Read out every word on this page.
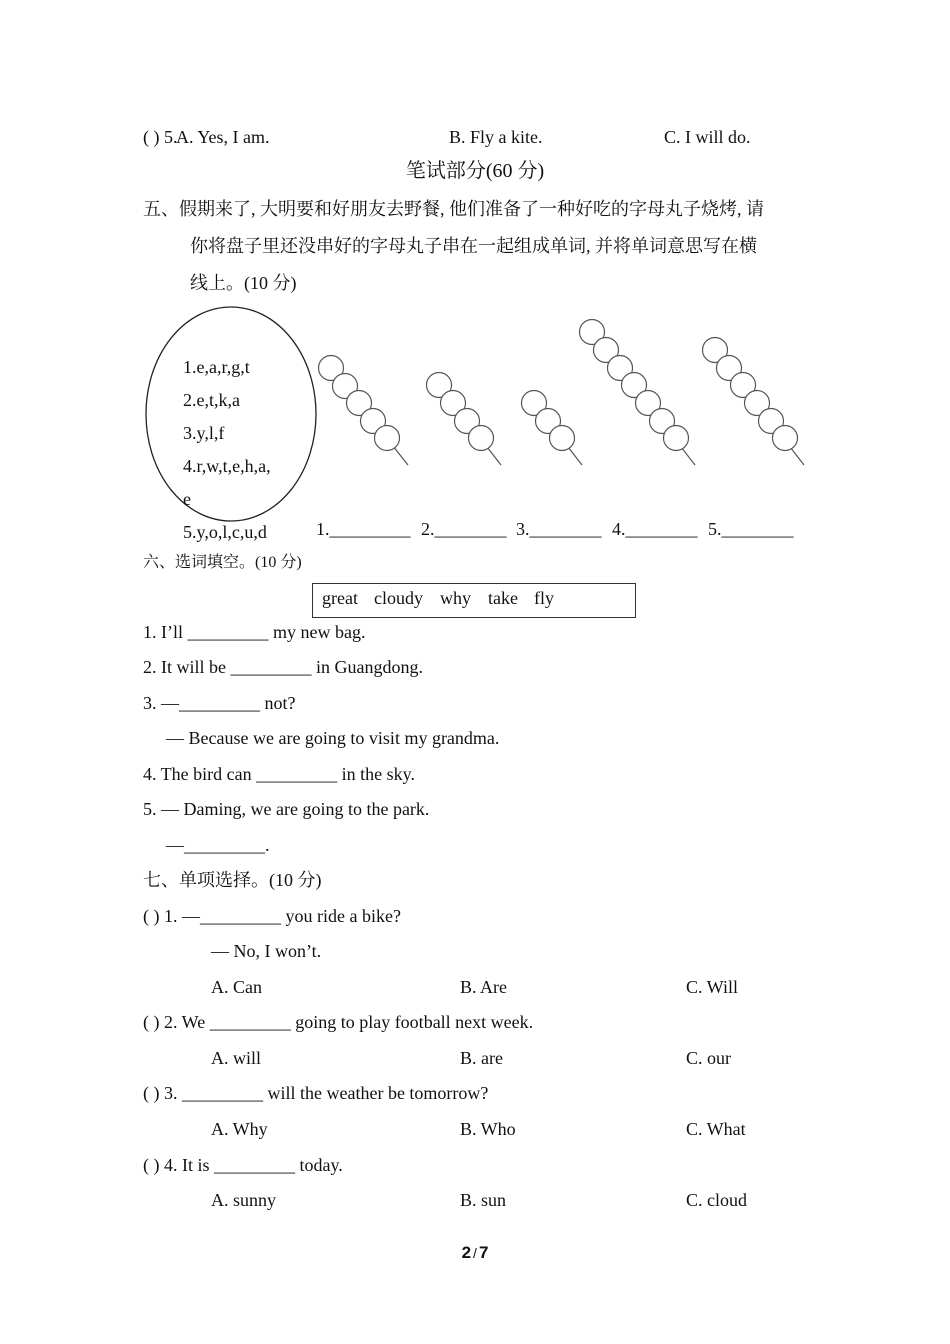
( ) 5.
A. Yes, I am.	B. Fly a kite.	C. I will do.
笔试部分(60 分)
五、假期来了, 大明要和好朋友去野餐, 他们准备了一种好吃的字母丸子烧烤, 请
你将盘子里还没串好的字母丸子串在一起组成单词, 并将单词意思写在横
线上。(10 分)
1.e,a,r,g,t
2.e,t,k,a
3.y,l,f
4.r,w,t,e,h,a,
e
5.y,o,l,c,u,d	1._________ 2.________ 3.________ 4.________ 5.________
六、选词填空。(10 分)
great cloudy why take fly
1. I’ll _________ my new bag.
2. It will be _________ in Guangdong.
3. —_________ not?
— Because we are going to visit my grandma.
4. The bird can _________ in the sky.
5. — Daming, we are going to the park.
—_________.
七、单项选择。(10 分)
( ) 1. —_________ you ride a bike?
— No, I won’t.
A. Can	B. Are	C. Will
( ) 2. We _________ going to play football next week.
A. will	B. are	C. our
( ) 3. _________ will the weather be tomorrow?
A. Why	B. Who	C. What
( ) 4. It is _________ today.
A. sunny	B. sun	C. cloud
2 / 7
